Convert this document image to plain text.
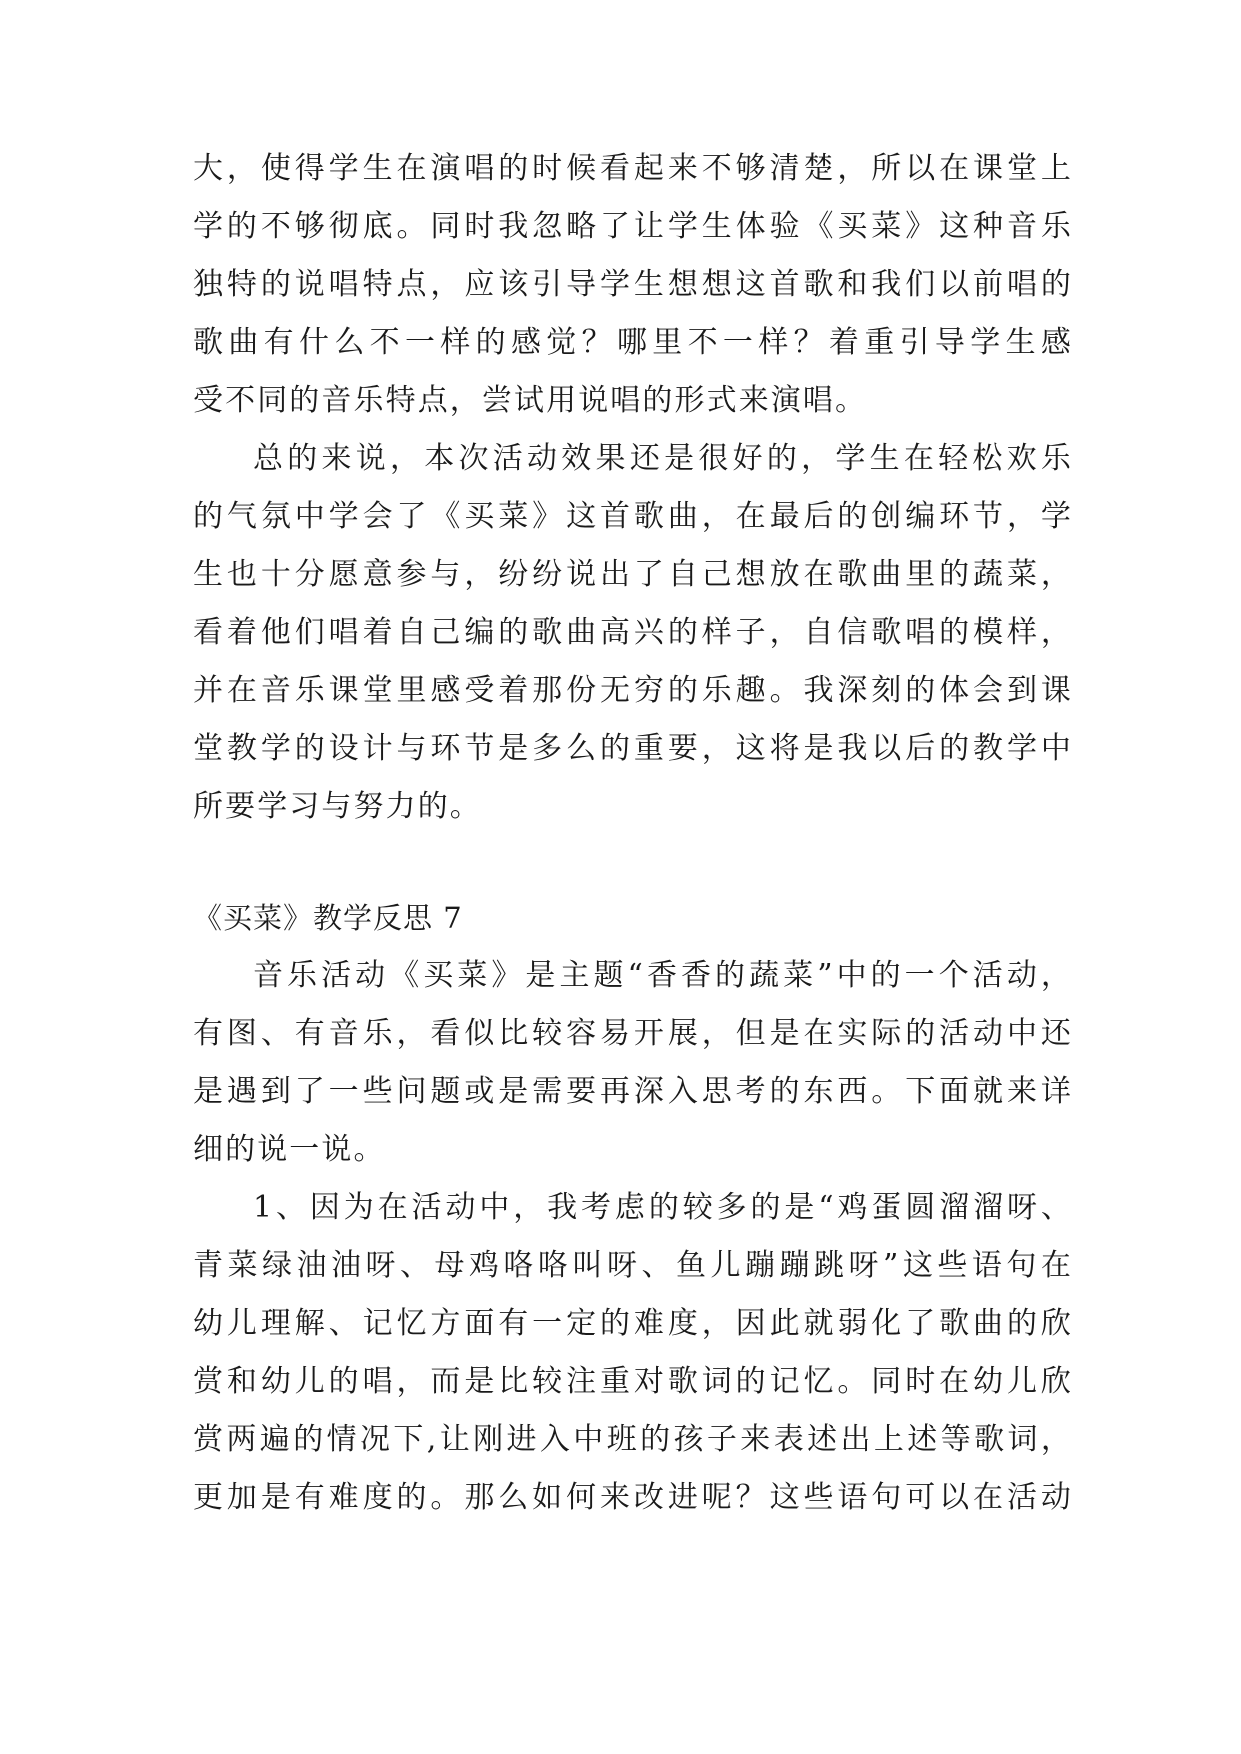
大，使得学生在演唱的时候看起来不够清楚，所以在课堂上
学的不够彻底。同时我忽略了让学生体验《买菜》这种音乐
独特的说唱特点，应该引导学生想想这首歌和我们以前唱的
歌曲有什么不一样的感觉？哪里不一样？着重引导学生感
受不同的音乐特点，尝试用说唱的形式来演唱。
总的来说，本次活动效果还是很好的，学生在轻松欢乐
的气氛中学会了《买菜》这首歌曲，在最后的创编环节，学
生也十分愿意参与，纷纷说出了自己想放在歌曲里的蔬菜，
看着他们唱着自己编的歌曲高兴的样子，自信歌唱的模样，
并在音乐课堂里感受着那份无穷的乐趣。我深刻的体会到课
堂教学的设计与环节是多么的重要，这将是我以后的教学中
所要学习与努力的。
《买菜》教学反思 7
音乐活动《买菜》是主题“香香的蔬菜”中的一个活动，
有图、有音乐，看似比较容易开展，但是在实际的活动中还
是遇到了一些问题或是需要再深入思考的东西。下面就来详
细的说一说。
1、因为在活动中，我考虑的较多的是“鸡蛋圆溜溜呀、
青菜绿油油呀、母鸡咯咯叫呀、鱼儿蹦蹦跳呀”这些语句在
幼儿理解、记忆方面有一定的难度，因此就弱化了歌曲的欣
赏和幼儿的唱，而是比较注重对歌词的记忆。同时在幼儿欣
赏两遍的情况下,让刚进入中班的孩子来表述出上述等歌词，
更加是有难度的。那么如何来改进呢？这些语句可以在活动
